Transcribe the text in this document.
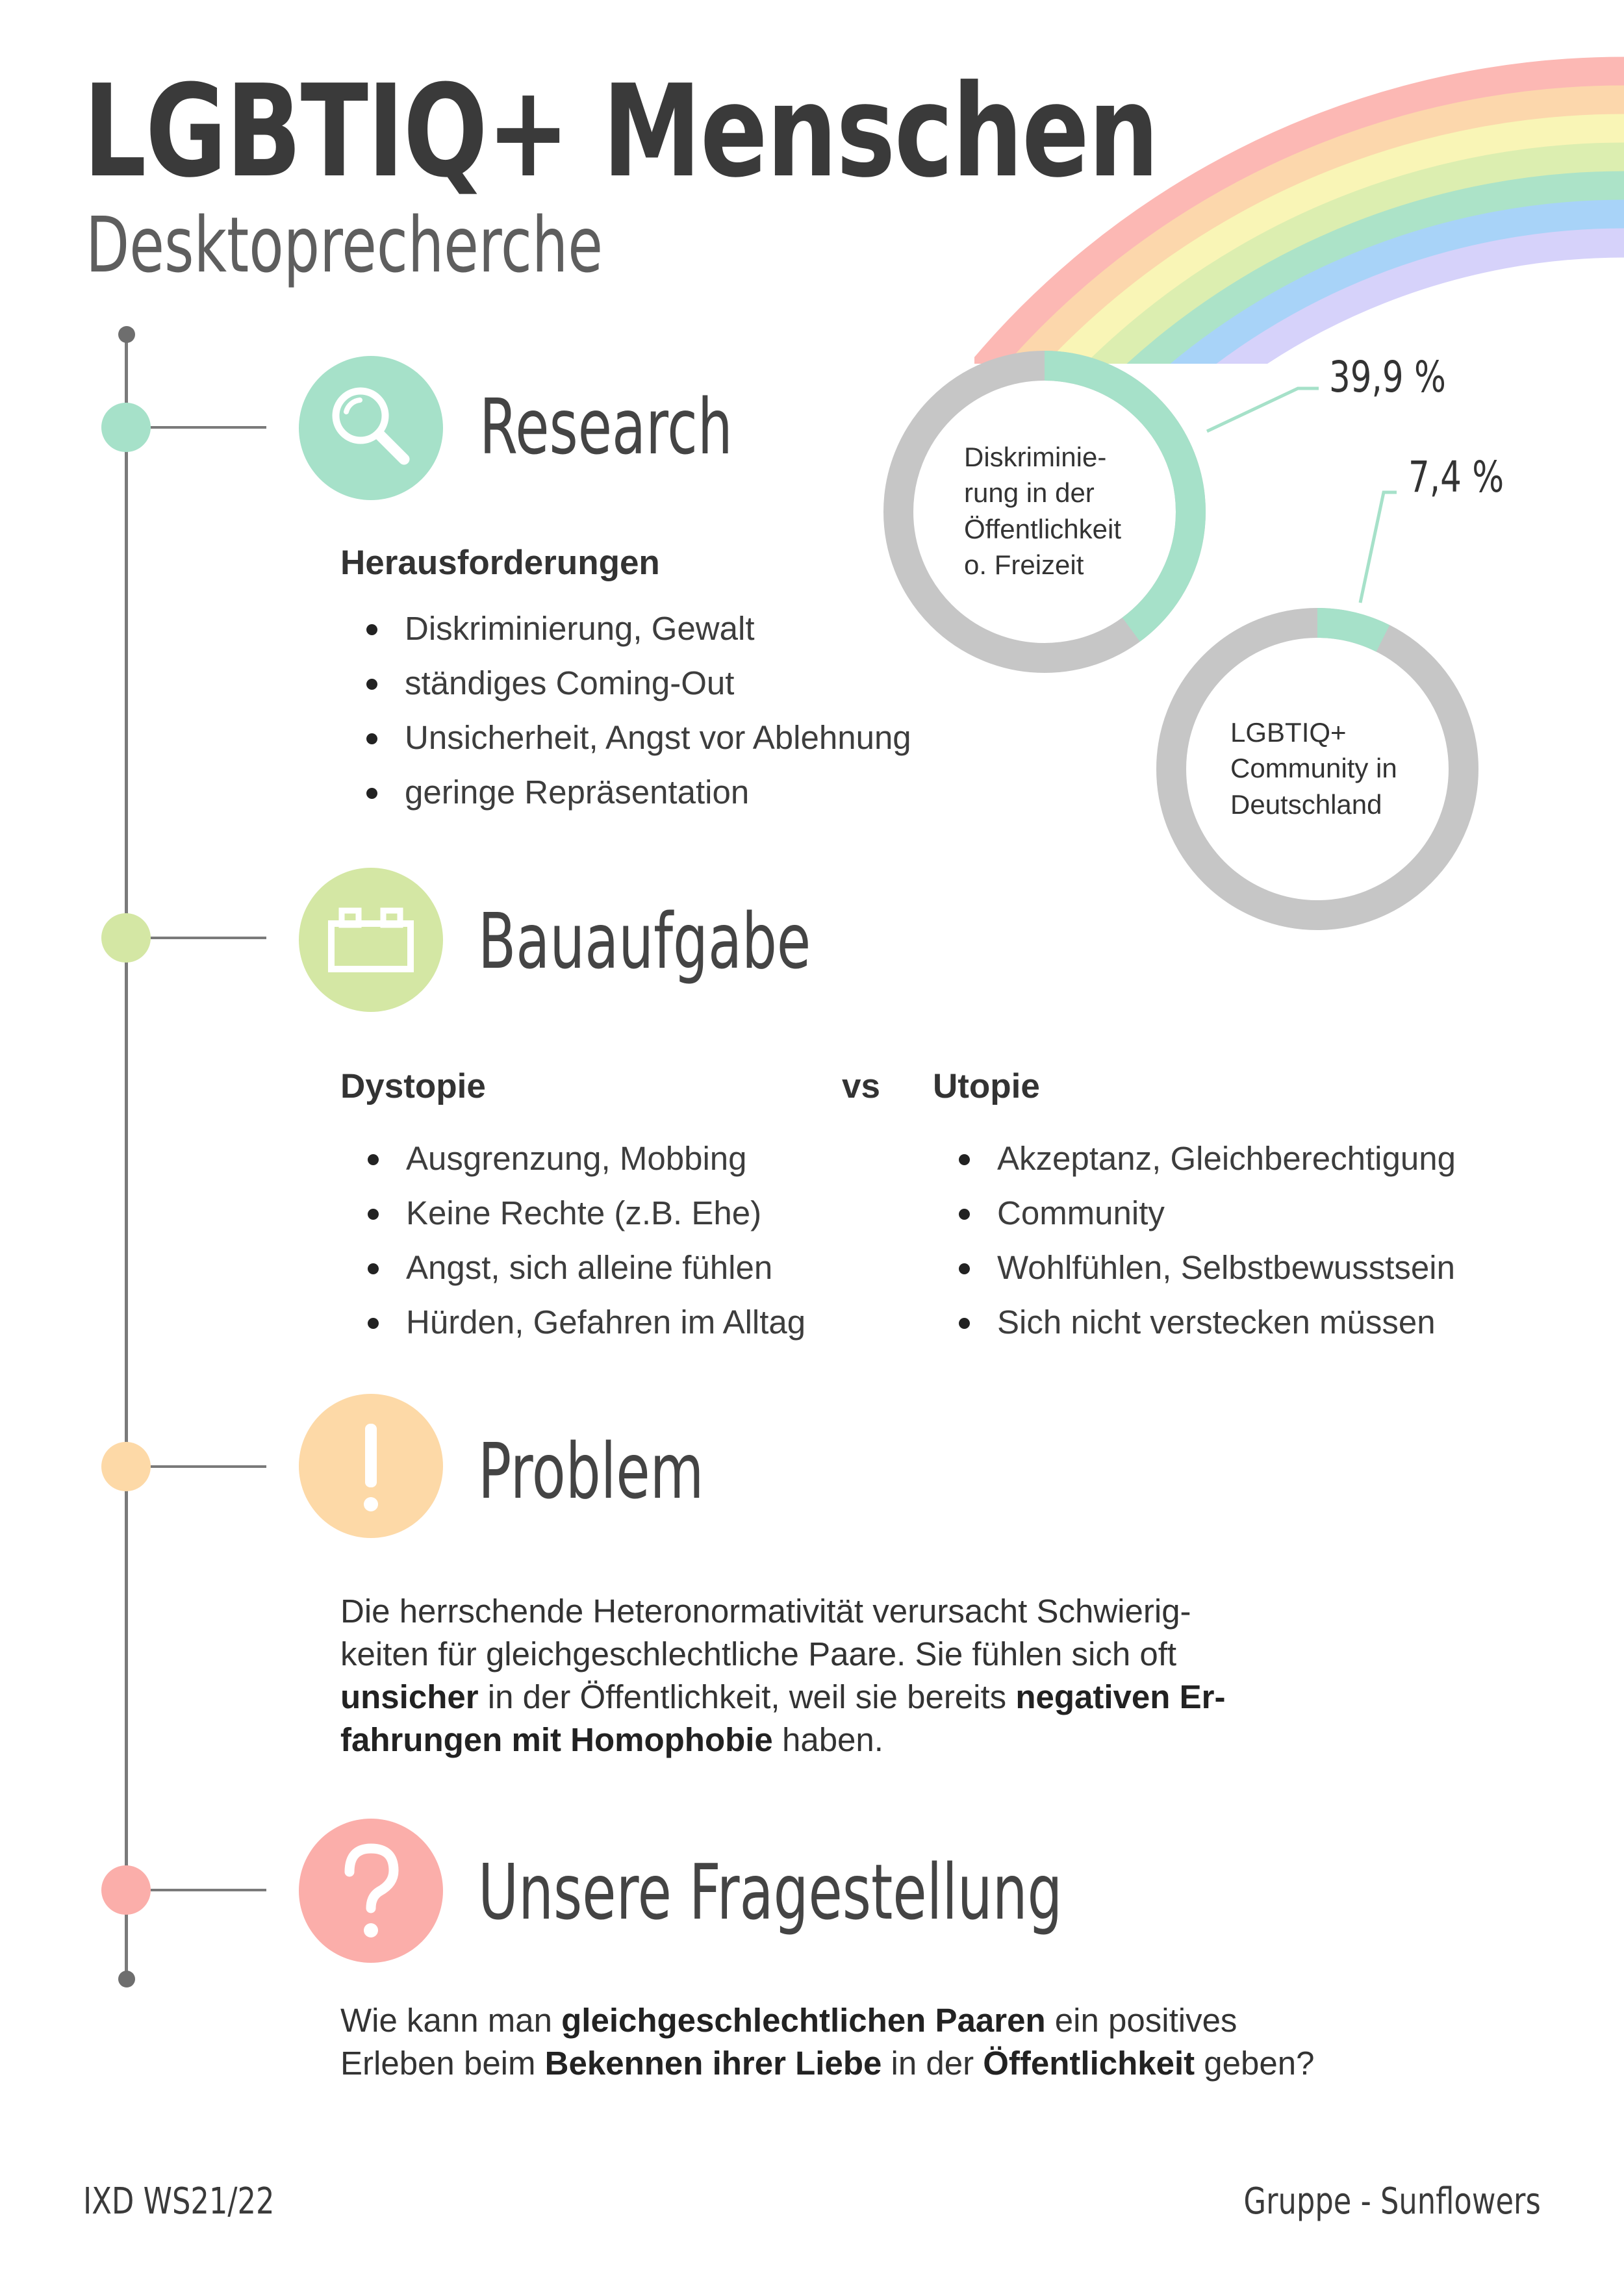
LGBTIQ+ Menschen
Desktoprecherche
Research
Herausforderungen
Diskriminierung, Gewalt
ständiges Coming-Out
Unsicherheit, Angst vor Ablehnung
geringe Repräsentation
Diskriminie-
rung in der
Öffentlichkeit
o. Freizeit
LGBTIQ+
Community in
Deutschland
39,9 %
7,4 %
Bauaufgabe
Dystopie	vs Utopie
Ausgrenzung, Mobbing
Keine Rechte (z.B. Ehe)
Angst, sich alleine fühlen
Hürden, Gefahren im Alltag
Akzeptanz, Gleichberechtigung
Community
Wohlfühlen, Selbstbewusstsein
Sich nicht verstecken müssen
Problem
Die herrschende Heteronormativität verursacht Schwierig-
keiten für gleichgeschlechtliche Paare. Sie fühlen sich oft
unsicher in der Öffentlichkeit, weil sie bereits negativen Er-
fahrungen mit Homophobie haben.
Unsere Fragestellung
Wie kann man gleichgeschlechtlichen Paaren ein positives
Erleben beim Bekennen ihrer Liebe in der Öffentlichkeit geben?
IXD WS21/22	Gruppe - Sunflowers
